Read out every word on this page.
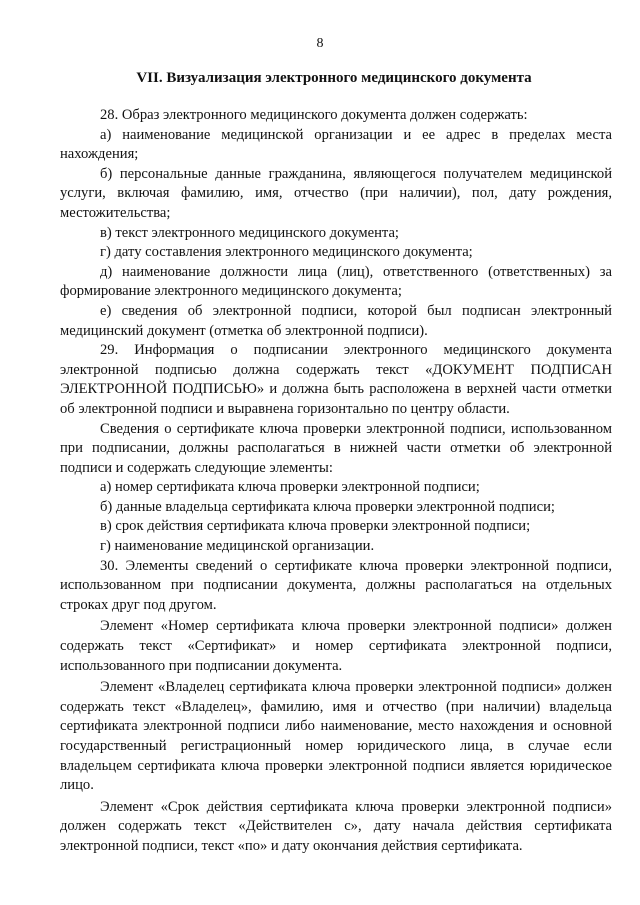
8
VII. Визуализация электронного медицинского документа

28. Образ электронного медицинского документа должен содержать:

а) наименование медицинской организации и ее адрес в пределах места нахождения;

б) персональные данные гражданина, являющегося получателем медицинской услуги, включая фамилию, имя, отчество (при наличии), пол, дату рождения, местожительства;

в) текст электронного медицинского документа;

г) дату составления электронного медицинского документа;

д) наименование должности лица (лиц), ответственного (ответственных) за формирование электронного медицинского документа;

е) сведения об электронной подписи, которой был подписан электронный медицинский документ (отметка об электронной подписи).

29. Информация о подписании электронного медицинского документа электронной подписью должна содержать текст «ДОКУМЕНТ ПОДПИСАН ЭЛЕКТРОННОЙ ПОДПИСЬЮ» и должна быть расположена в верхней части отметки об электронной подписи и выравнена горизонтально по центру области.

Сведения о сертификате ключа проверки электронной подписи, использованном при подписании, должны располагаться в нижней части отметки об электронной подписи и содержать следующие элементы:

а) номер сертификата ключа проверки электронной подписи;

б) данные владельца сертификата ключа проверки электронной подписи;

в) срок действия сертификата ключа проверки электронной подписи;

г) наименование медицинской организации.

30. Элементы сведений о сертификате ключа проверки электронной подписи, использованном при подписании документа, должны располагаться на отдельных строках друг под другом.

Элемент «Номер сертификата ключа проверки электронной подписи» должен содержать текст «Сертификат» и номер сертификата электронной подписи, использованного при подписании документа.

Элемент «Владелец сертификата ключа проверки электронной подписи» должен содержать текст «Владелец», фамилию, имя и отчество (при наличии) владельца сертификата электронной подписи либо наименование, место нахождения и основной государственный регистрационный номер юридического лица, в случае если владельцем сертификата ключа проверки электронной подписи является юридическое лицо.

Элемент «Срок действия сертификата ключа проверки электронной подписи» должен содержать текст «Действителен с», дату начала действия сертификата электронной подписи, текст «по» и дату окончания действия сертификата.
